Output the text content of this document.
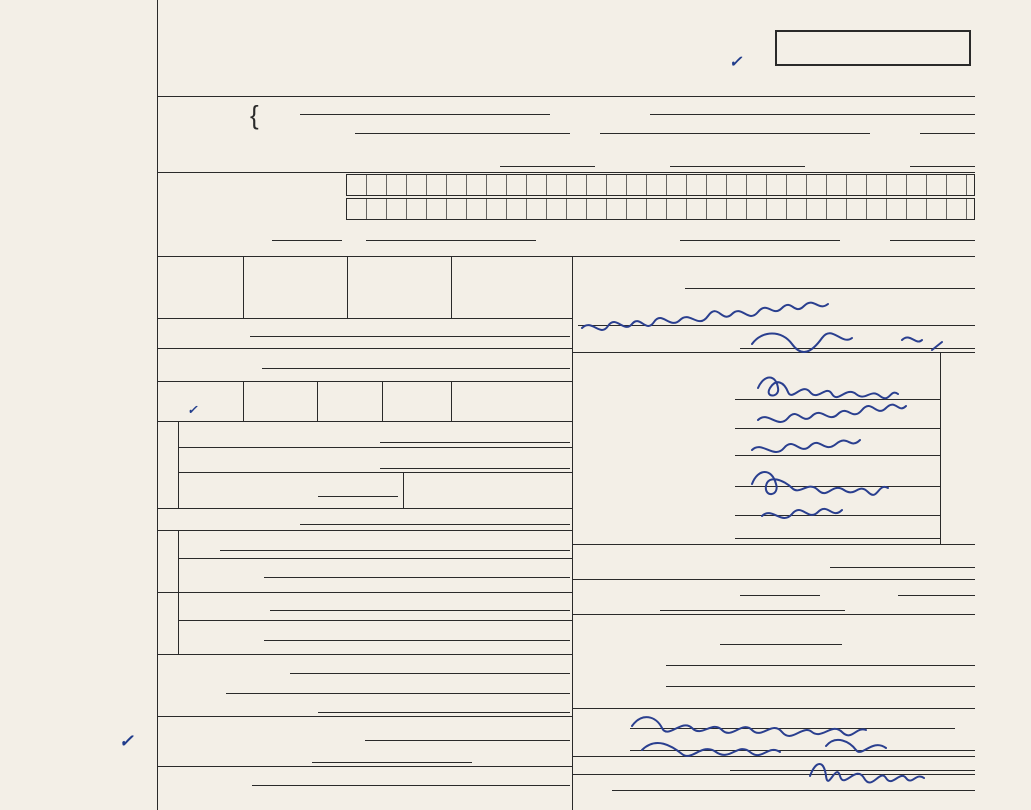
✓
✓
{
✓
